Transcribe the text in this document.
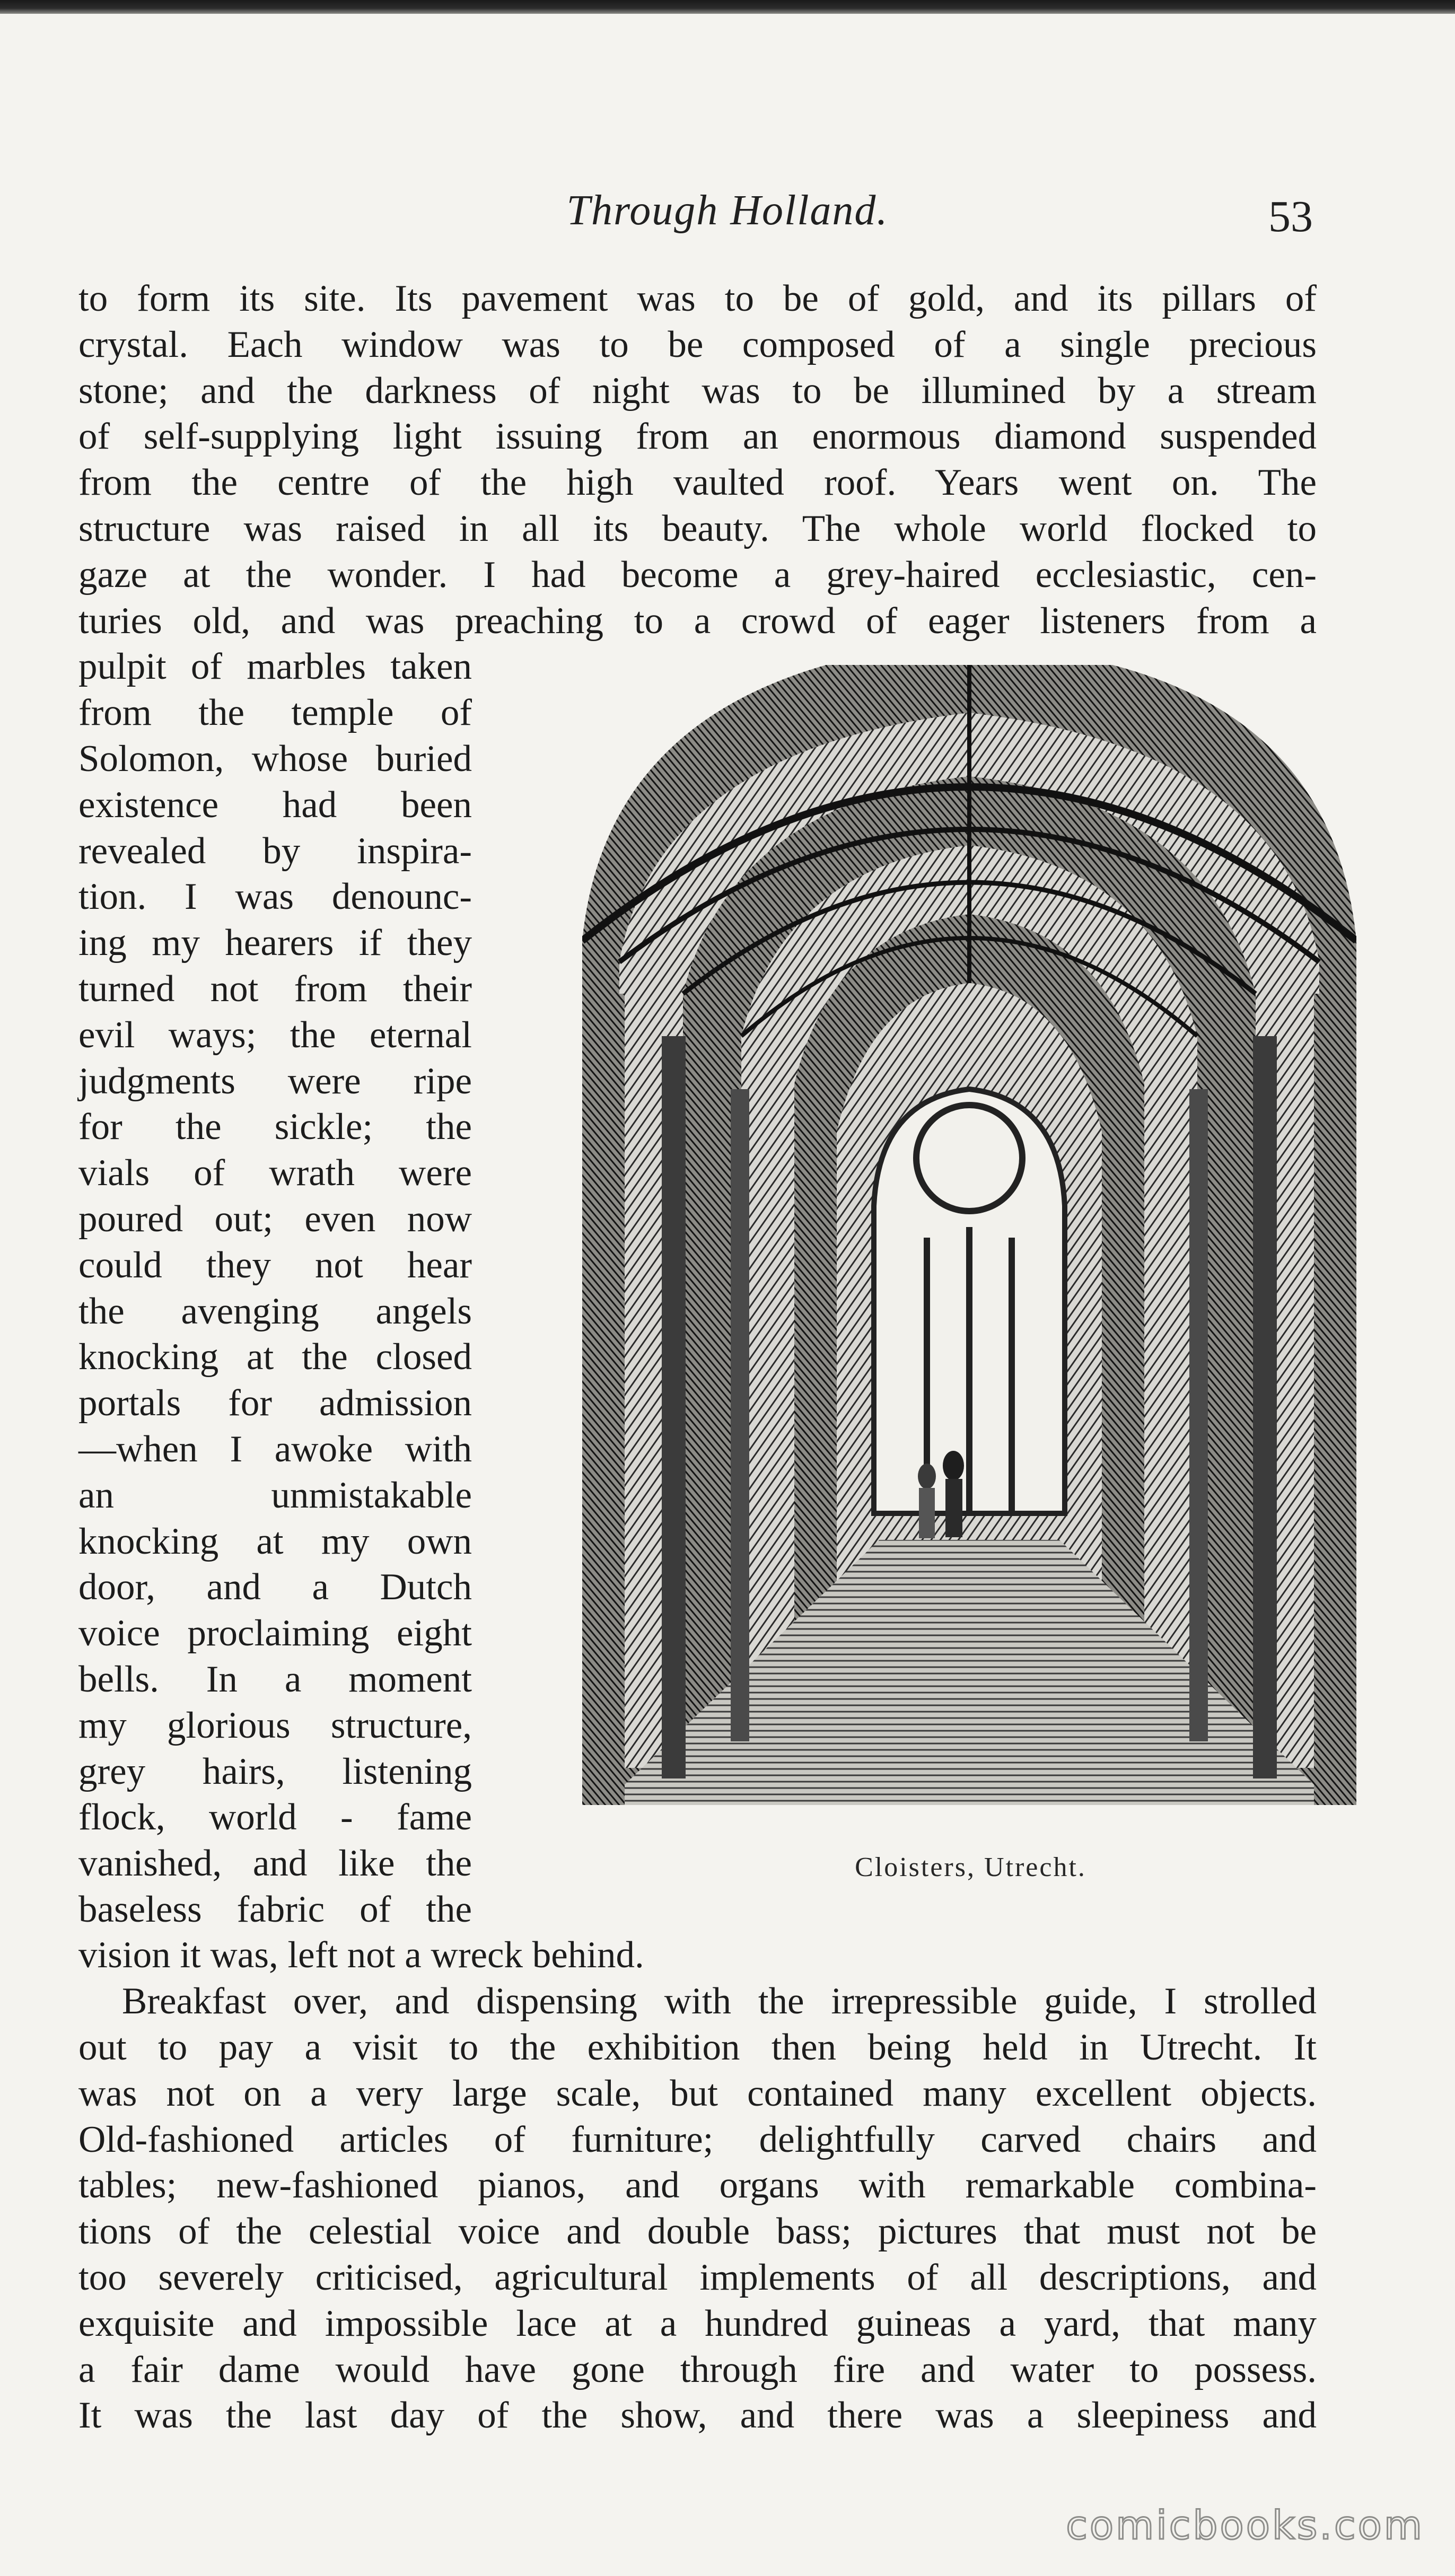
Through Holland.	53
to form its site. Its pavement was to be of gold, and its pillars of
crystal. Each window was to be composed of a single precious
stone; and the darkness of night was to be illumined by a stream
of self-supplying light issuing from an enormous diamond suspended
from the centre of the high vaulted roof. Years went on. The
structure was raised in all its beauty. The whole world flocked to
gaze at the wonder. I had become a grey-haired ecclesiastic, cen-
turies old, and was preaching to a crowd of eager listeners from a
pulpit of marbles taken
from the temple of
Solomon, whose buried
existence had been
revealed by inspira-
tion. I was denounc-
ing my hearers if they
turned not from their
evil ways; the eternal
judgments were ripe
for the sickle; the
vials of wrath were
poured out; even now
could they not hear
the avenging angels
knocking at the closed
portals for admission
—when I awoke with
an unmistakable
knocking at my own
door, and a Dutch
voice proclaiming eight
bells. In a moment
my glorious structure,
grey hairs, listening
flock, world - fame
vanished, and like the
baseless fabric of the
Cloisters, Utrecht.
vision it was, left not a wreck behind.
Breakfast over, and dispensing with the irrepressible guide, I strolled
out to pay a visit to the exhibition then being held in Utrecht. It
was not on a very large scale, but contained many excellent objects.
Old-fashioned articles of furniture; delightfully carved chairs and
tables; new-fashioned pianos, and organs with remarkable combina-
tions of the celestial voice and double bass; pictures that must not be
too severely criticised, agricultural implements of all descriptions, and
exquisite and impossible lace at a hundred guineas a yard, that many
a fair dame would have gone through fire and water to possess.
It was the last day of the show, and there was a sleepiness and
comicbooks.com
